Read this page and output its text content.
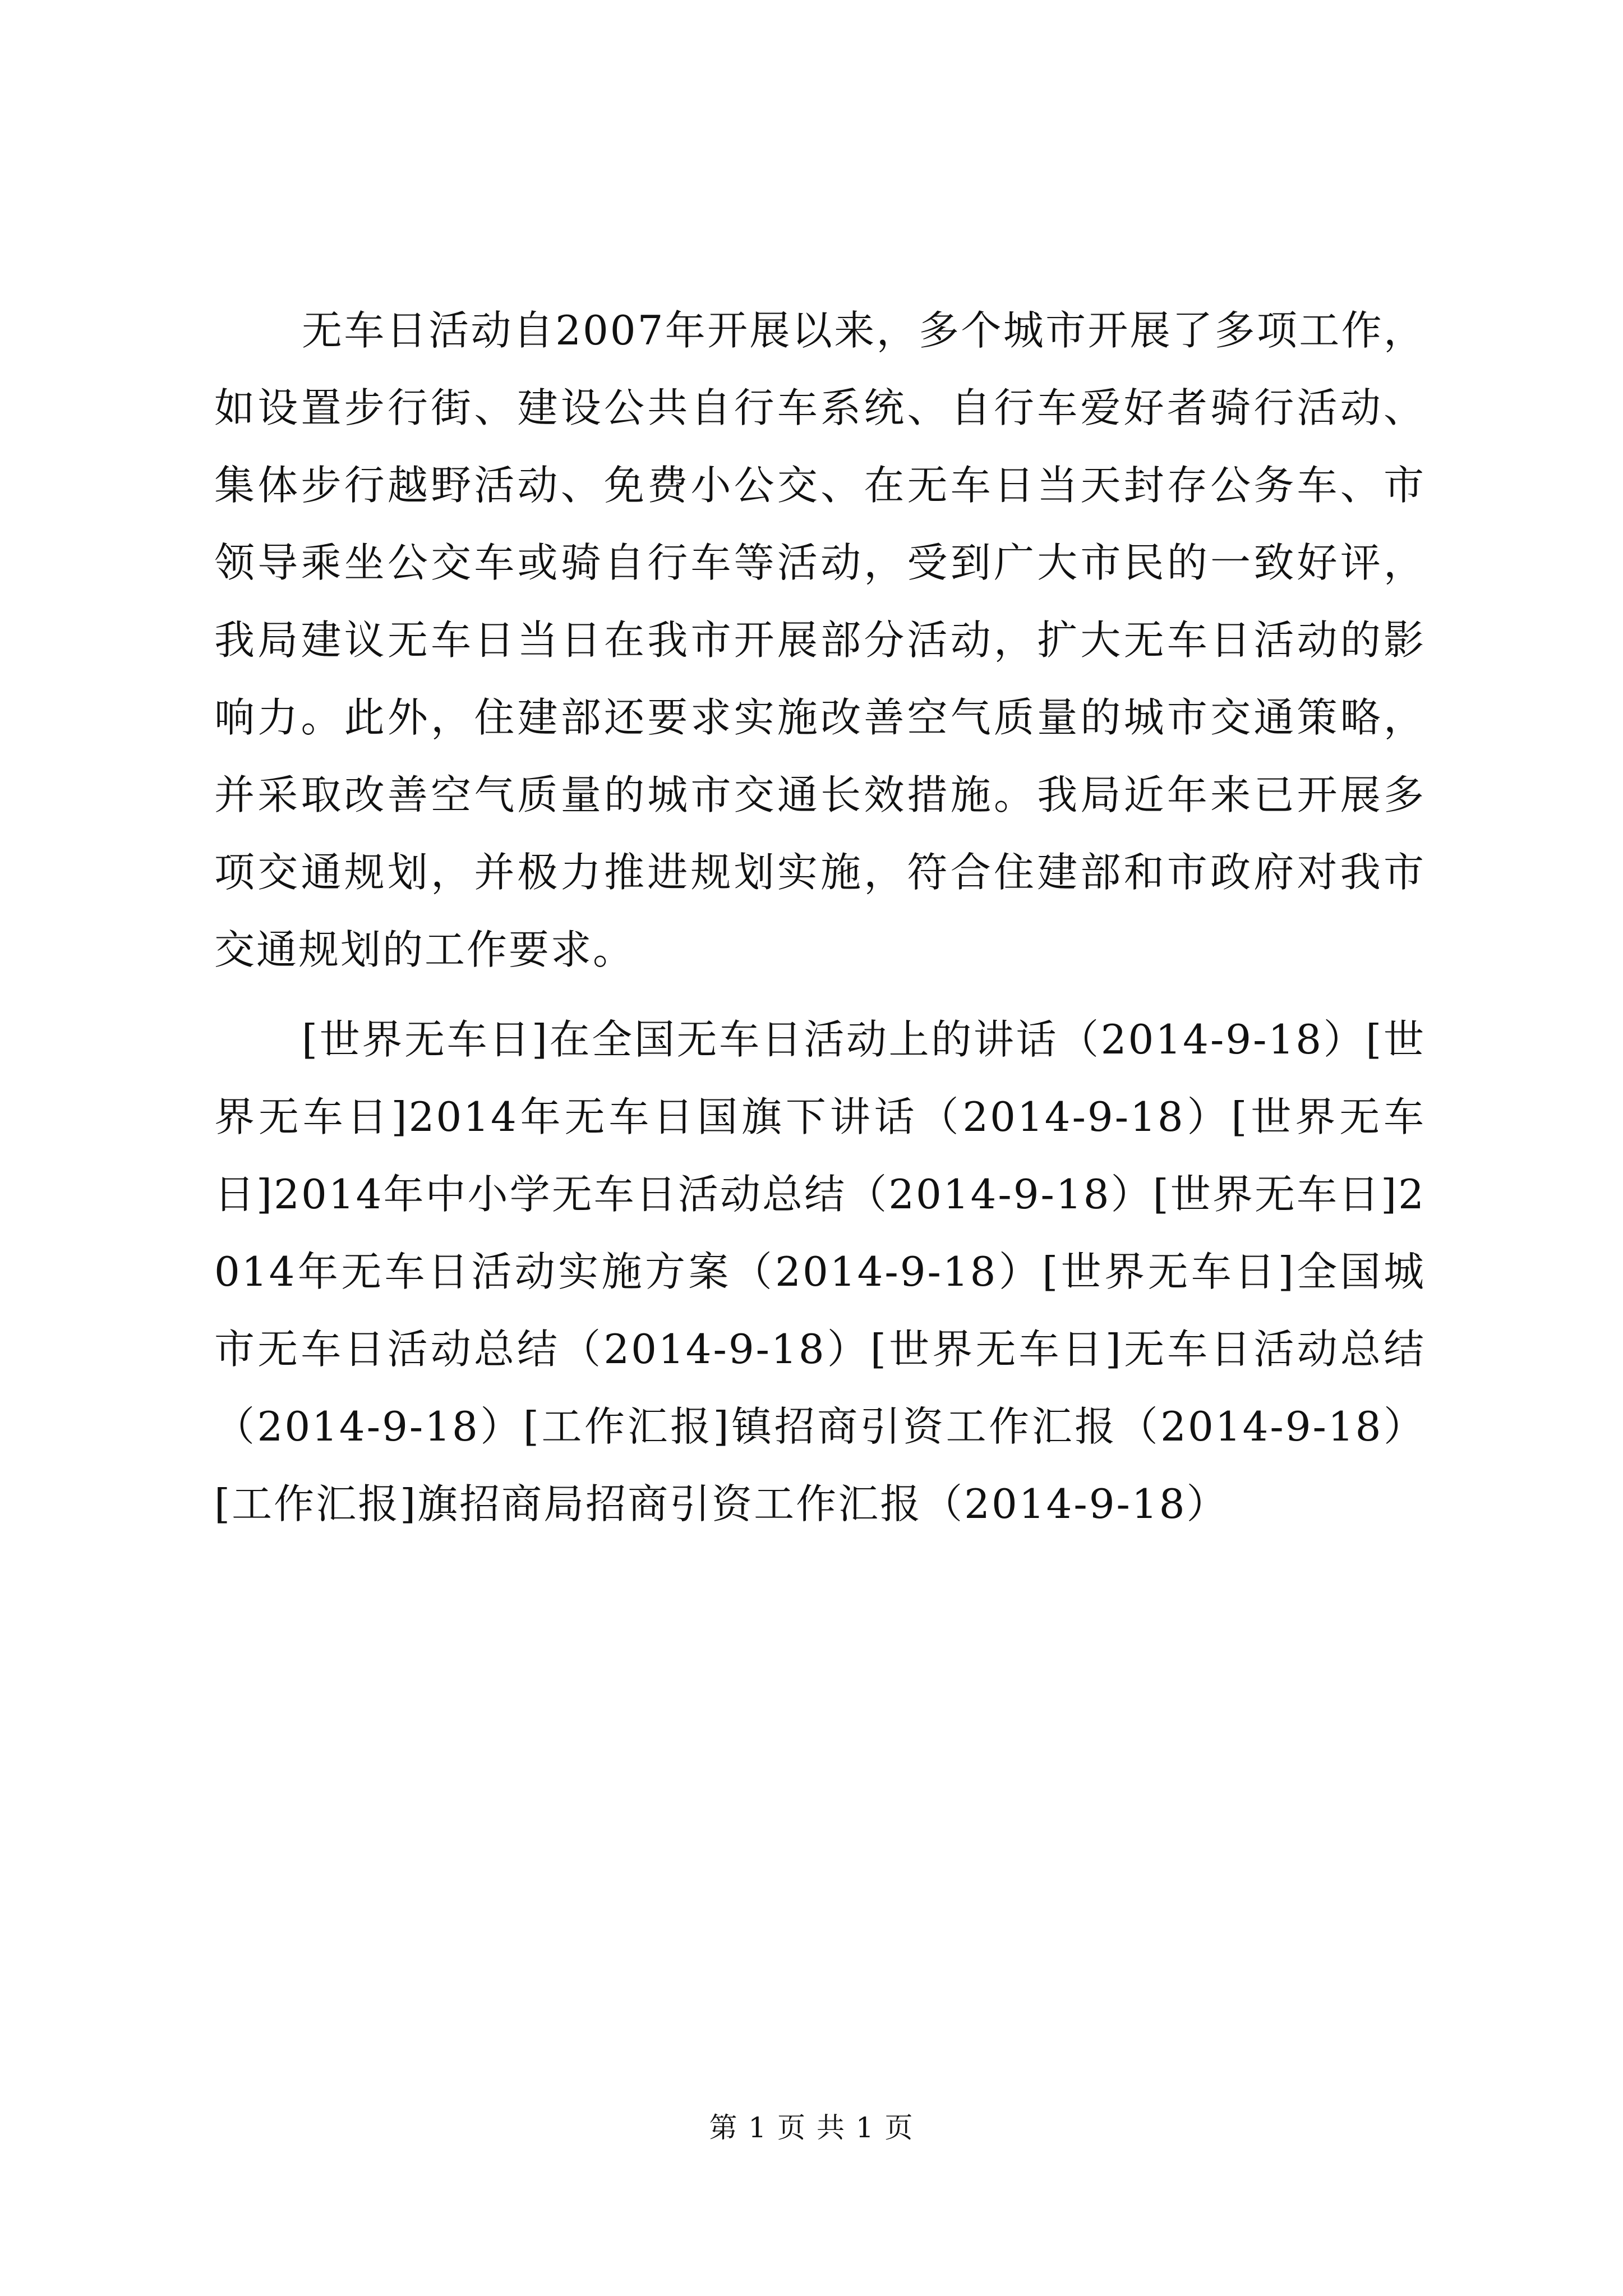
无车日活动自2007年开展以来，多个城市开展了多项工作，如设置步行街、建设公共自行车系统、自行车爱好者骑行活动、集体步行越野活动、免费小公交、在无车日当天封存公务车、市领导乘坐公交车或骑自行车等活动，受到广大市民的一致好评，我局建议无车日当日在我市开展部分活动，扩大无车日活动的影响力。此外，住建部还要求实施改善空气质量的城市交通策略，并采取改善空气质量的城市交通长效措施。我局近年来已开展多项交通规划，并极力推进规划实施，符合住建部和市政府对我市交通规划的工作要求。

[世界无车日]在全国无车日活动上的讲话（2014-9-18）[世界无车日]2014年无车日国旗下讲话（2014-9-18）[世界无车日]2014年中小学无车日活动总结（2014-9-18）[世界无车日]2014年无车日活动实施方案（2014-9-18）[世界无车日]全国城市无车日活动总结（2014-9-18）[世界无车日]无车日活动总结（2014-9-18）[工作汇报]镇招商引资工作汇报（2014-9-18）[工作汇报]旗招商局招商引资工作汇报（2014-9-18）

第 1 页 共 1 页
